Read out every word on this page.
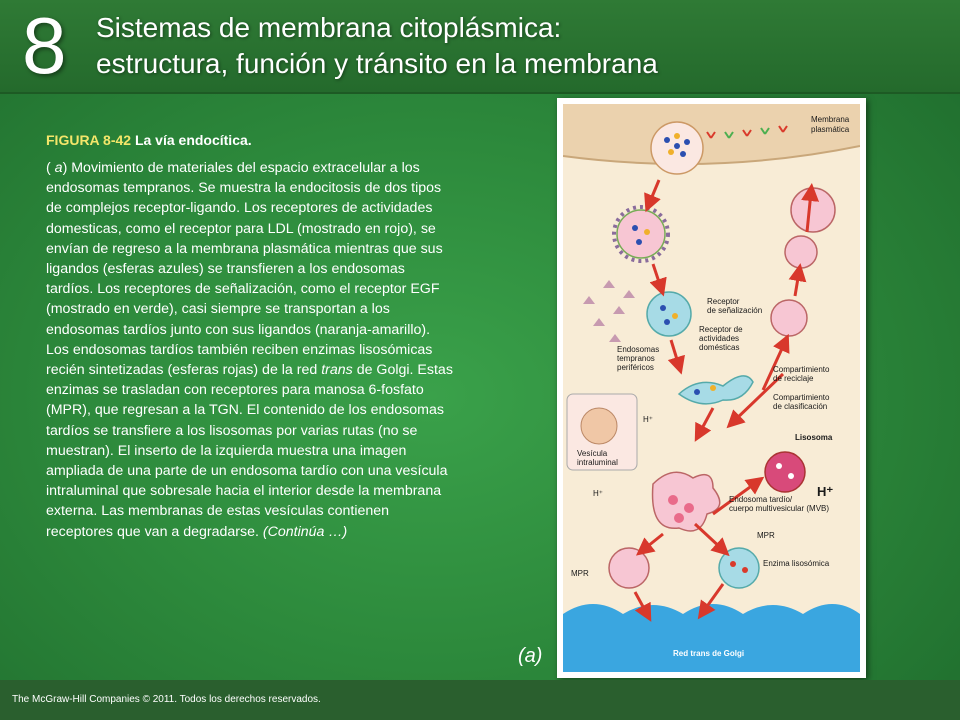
8 Sistemas de membrana citoplásmica:
estructura, función y tránsito en la membrana
FIGURA 8-42 La vía endocítica.

( a) Movimiento de materiales del espacio extracelular a los endosomas tempranos. Se muestra la endocitosis de dos tipos de complejos receptor-ligando. Los receptores de actividades domesticas, como el receptor para LDL (mostrado en rojo), se envían de regreso a la membrana plasmática mientras que sus ligandos (esferas azules) se transfieren a los endosomas tardíos. Los receptores de señalización, como el receptor EGF (mostrado en verde), casi siempre se transportan a los endosomas tardíos junto con sus ligandos (naranja-amarillo). Los endosomas tardíos también reciben enzimas lisosómicas recién sintetizadas (esferas rojas) de la red trans de Golgi. Estas enzimas se trasladan con receptores para manosa 6-fosfato (MPR), que regresan a la TGN. El contenido de los endosomas tardíos se transfiere a los lisosomas por varias rutas (no se muestran). El inserto de la izquierda muestra una imagen ampliada de una parte de un endosoma tardío con una vesícula intraluminal que sobresale hacia el interior desde la membrana externa. Las membranas de estas vesículas contienen receptores que van a degradarse. (Continúa …)

(a)
Membrana
plasmática
Vesícula
intraluminal
Lisosoma
MPR
MPR
Enzima lisosómica
Red trans de Golgi
Receptor
de señalización
Receptor de
actividades
domésticas
Endosomas
tempranos
periféricos	Compartimiento
de reciclaje
Compartimiento
de clasificación
H⁺
H⁺	H⁺
Endosoma tardío/
cuerpo multivesicular (MVB)
The McGraw-Hill Companies © 2011. Todos los derechos reservados.
